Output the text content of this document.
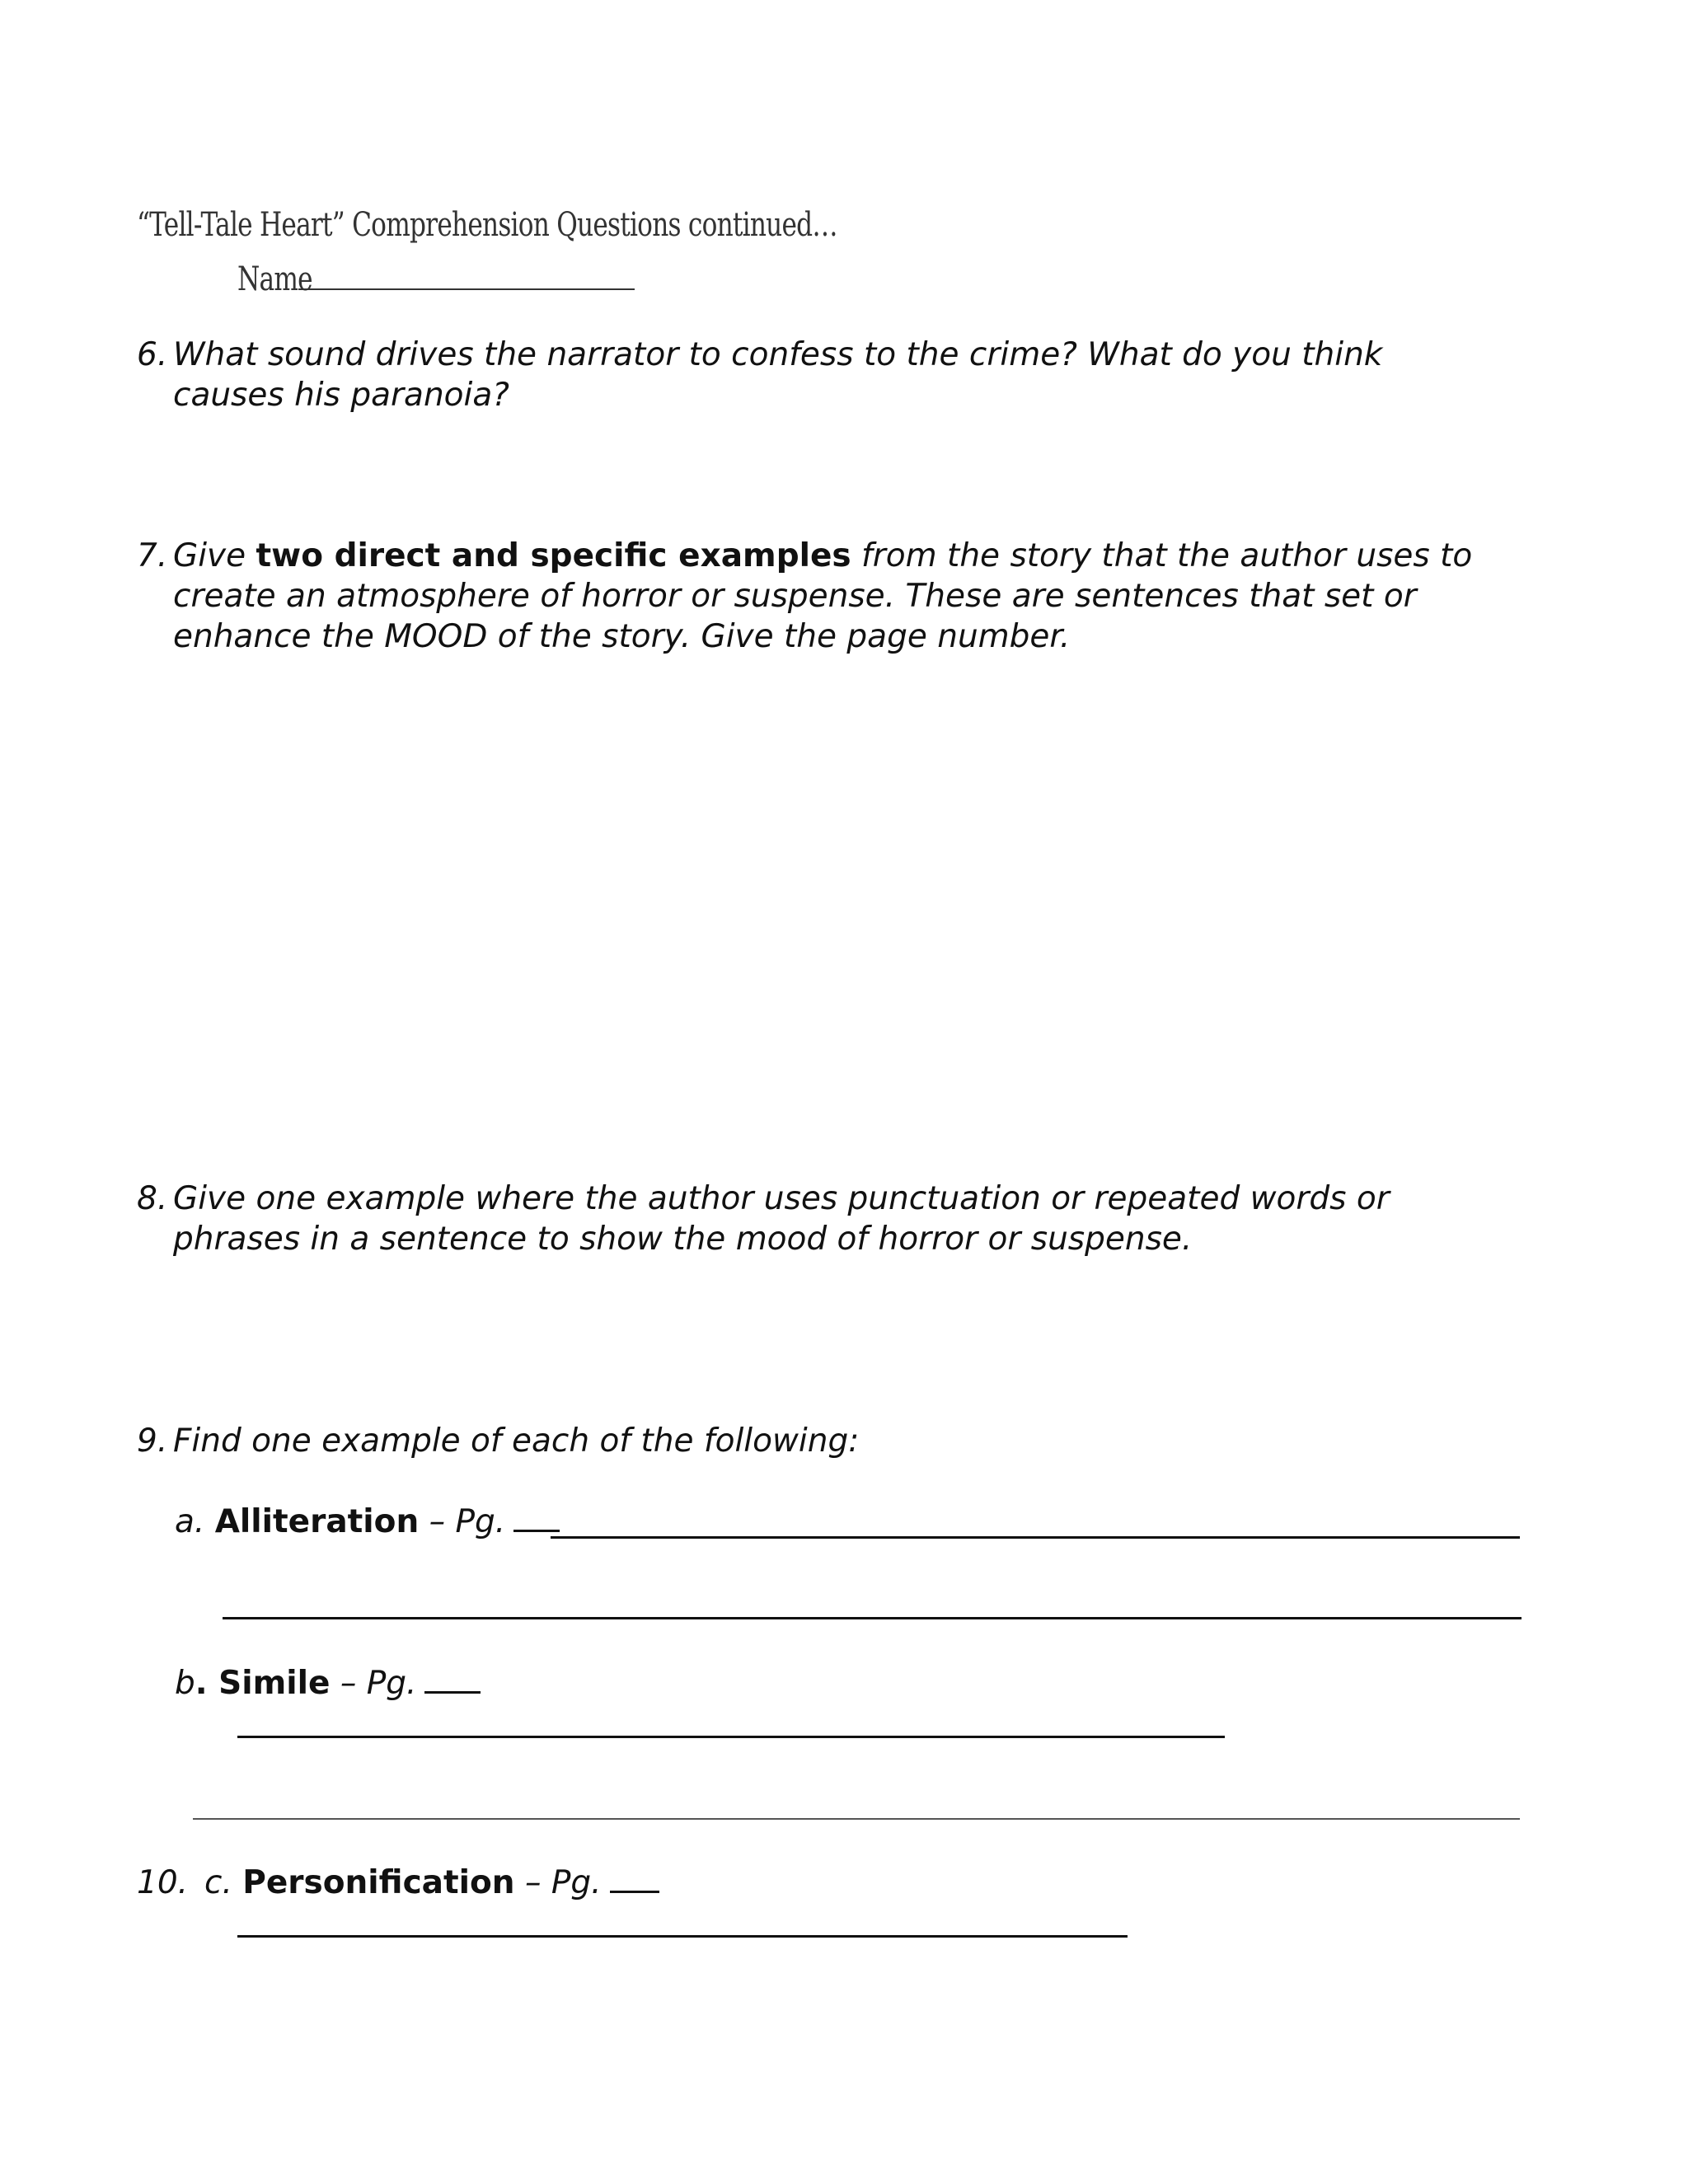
“Tell-Tale Heart” Comprehension Questions continued…
Name
6. What sound drives the narrator to confess to the crime? What do you think
causes his paranoia?
7. Give two direct and specific examples from the story that the author uses to
create an atmosphere of horror or suspense. These are sentences that set or
enhance the MOOD of the story. Give the page number.
8. Give one example where the author uses punctuation or repeated words or
phrases in a sentence to show the mood of horror or suspense.
9. Find one example of each of the following:
a. Alliteration – Pg.
b. Simile – Pg.
10. c. Personification – Pg.
